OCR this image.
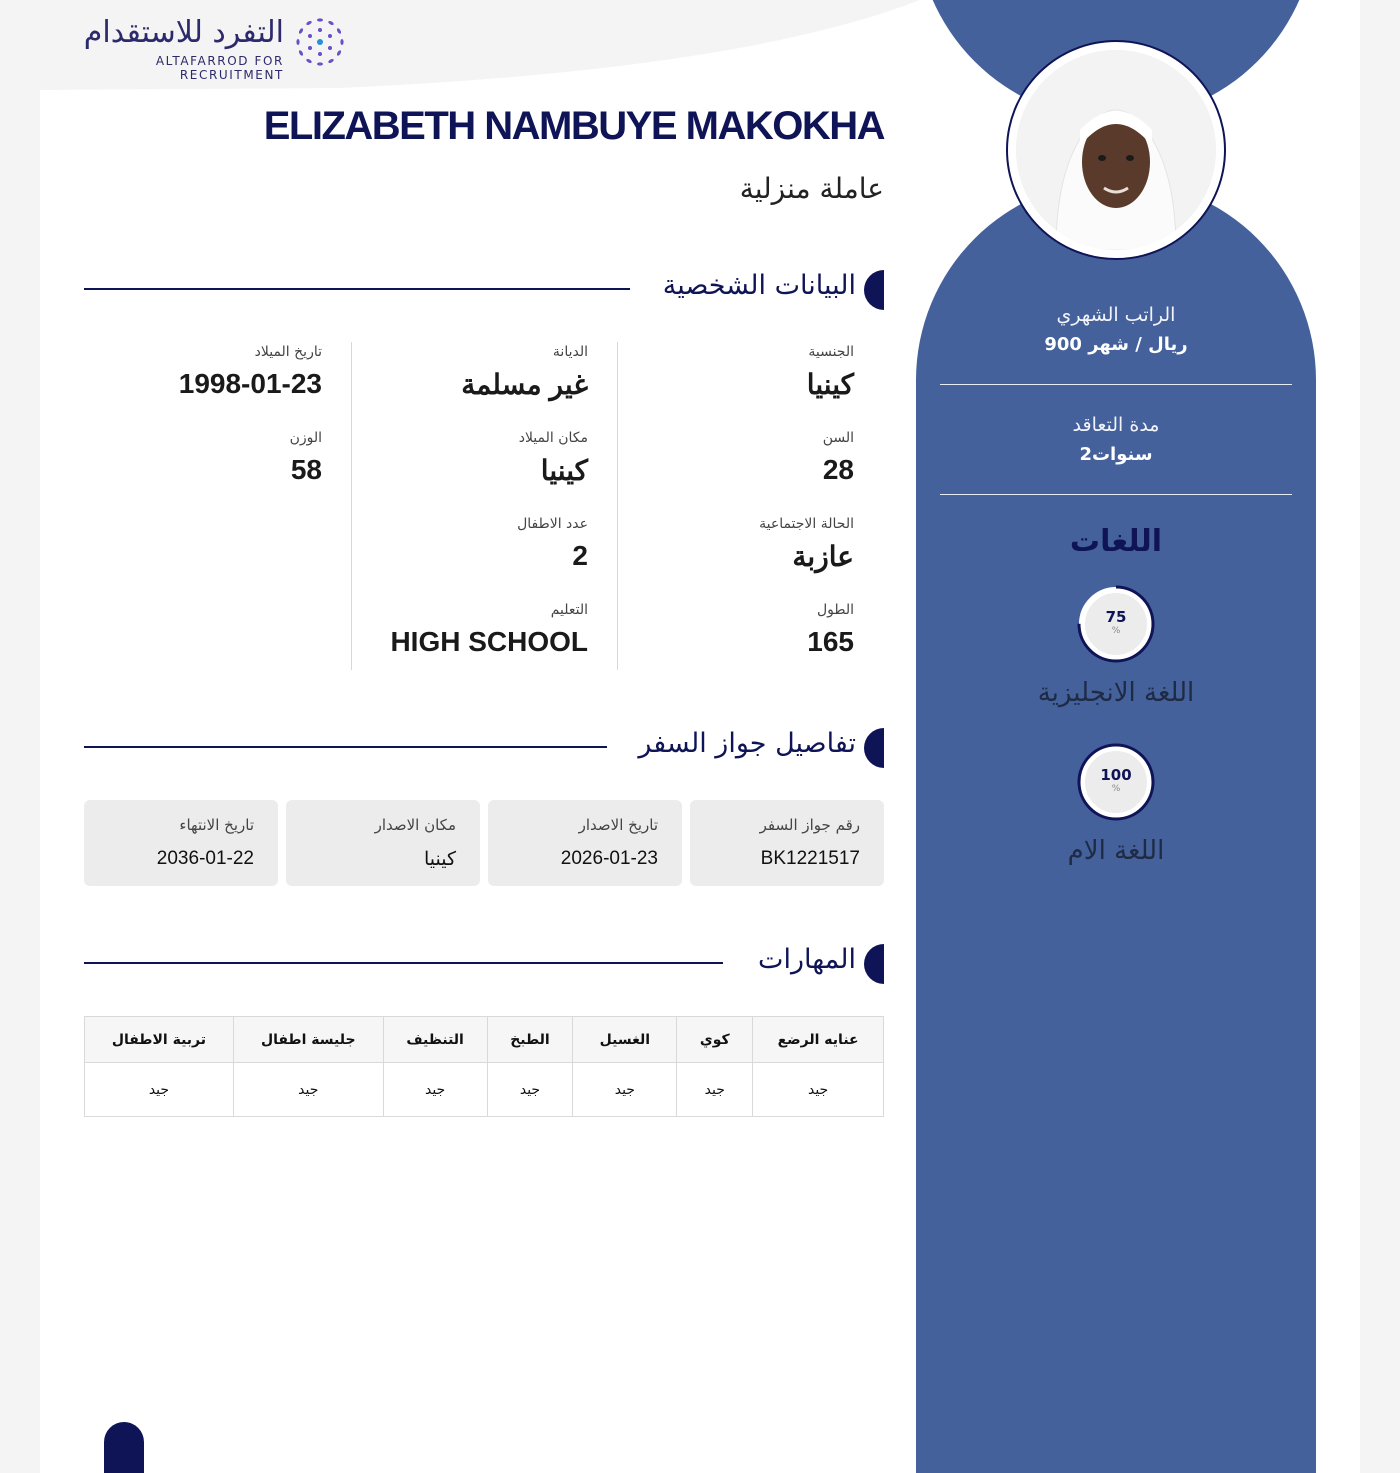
التفرد للاستقدام
ALTAFARROD FOR RECRUITMENT
ELIZABETH NAMBUYE MAKOKHA
عاملة منزلية
البيانات الشخصية
الجنسية
كينيا
السن
28
الحالة الاجتماعية
عازبة
الطول
165
الديانة
غير مسلمة
مكان الميلاد
كينيا
عدد الاطفال
2
التعليم
HIGH SCHOOL
تاريخ الميلاد
1998-01-23
الوزن
58
تفاصيل جواز السفر
رقم جواز السفر
BK1221517
تاريخ الاصدار
2026-01-23
مكان الاصدار
كينيا
تاريخ الانتهاء
2036-01-22
المهارات
عنايه الرضع	كوي	الغسيل	الطبخ	التنظيف	جليسة اطفال	تربية الاطفال
جيد	جيد	جيد	جيد	جيد	جيد	جيد
الراتب الشهري
900 ريال / شهر
مدة التعاقد
2سنوات
اللغات
75
%
اللغة الانجليزية
100
%
اللغة الام
